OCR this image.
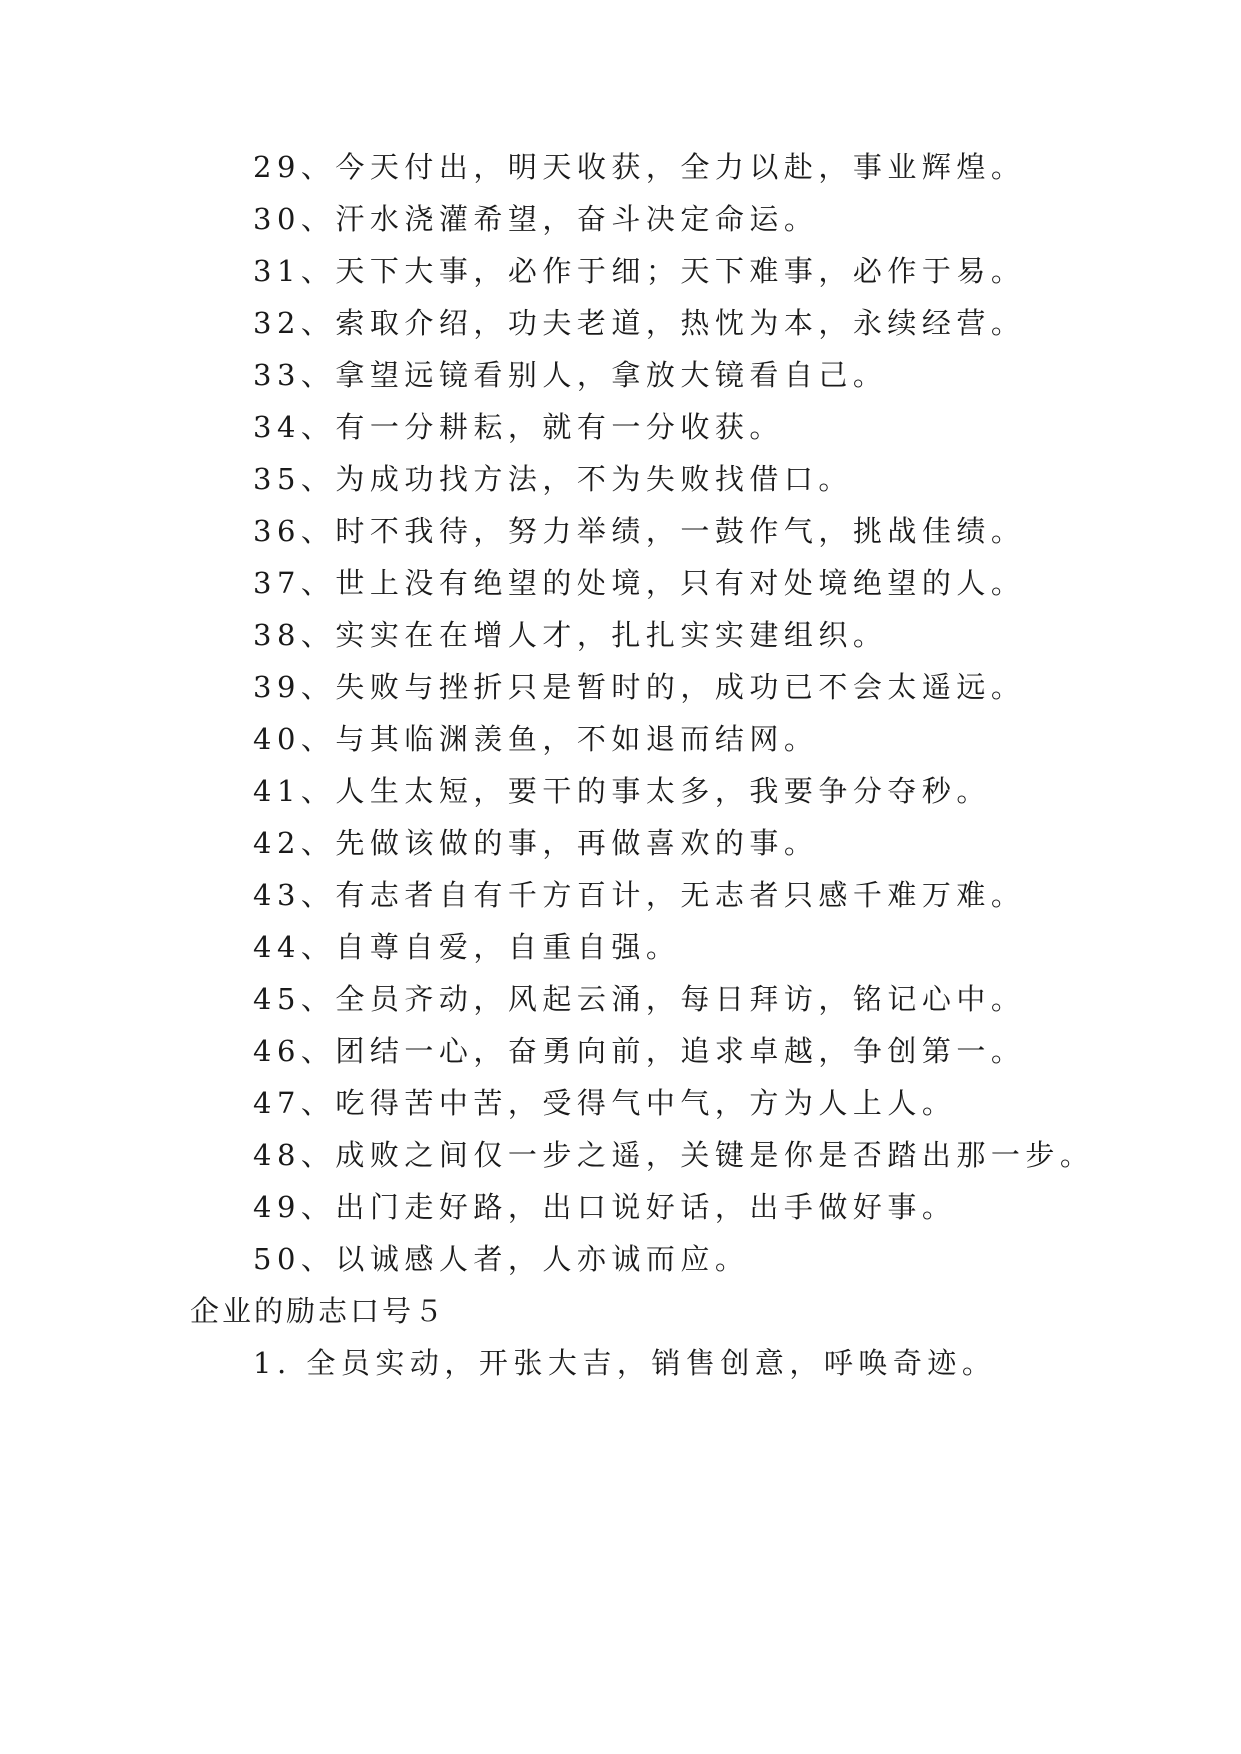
29、今天付出，明天收获，全力以赴，事业辉煌。
30、汗水浇灌希望，奋斗决定命运。
31、天下大事，必作于细；天下难事，必作于易。
32、索取介绍，功夫老道，热忱为本，永续经营。
33、拿望远镜看别人，拿放大镜看自己。
34、有一分耕耘，就有一分收获。
35、为成功找方法，不为失败找借口。
36、时不我待，努力举绩，一鼓作气，挑战佳绩。
37、世上没有绝望的处境，只有对处境绝望的人。
38、实实在在增人才，扎扎实实建组织。
39、失败与挫折只是暂时的，成功已不会太遥远。
40、与其临渊羡鱼，不如退而结网。
41、人生太短，要干的事太多，我要争分夺秒。
42、先做该做的事，再做喜欢的事。
43、有志者自有千方百计，无志者只感千难万难。
44、自尊自爱，自重自强。
45、全员齐动，风起云涌，每日拜访，铭记心中。
46、团结一心，奋勇向前，追求卓越，争创第一。
47、吃得苦中苦，受得气中气，方为人上人。
48、成败之间仅一步之遥，关键是你是否踏出那一步。
49、出门走好路，出口说好话，出手做好事。
50、以诚感人者，人亦诚而应。
企业的励志口号５
1. 全员实动，开张大吉，销售创意，呼唤奇迹。
